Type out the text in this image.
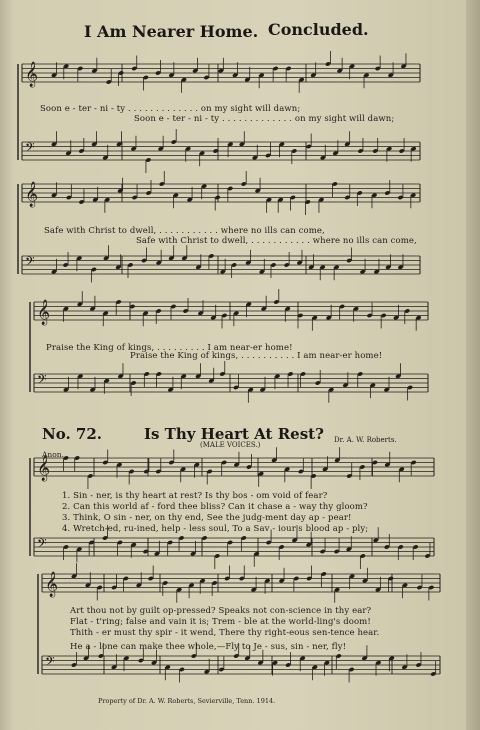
I Am Nearer Home. Concluded.
𝄞
𝄢
𝄞
𝄢
𝄞
𝄢
𝄞
𝄢
𝄞
𝄢
Soon e - ter - ni - ty . . . . . . . . . . . . . on my sight will dawn;
Soon e - ter - ni - ty . . . . . . . . . . . . . on my sight will dawn;
Safe with Christ to dwell, . . . . . . . . . . . where no ills can come,
Safe with Christ to dwell, . . . . . . . . . . . where no ills can come,
Praise the King of kings, . . . . . . . . . I am near-er home!
Praise the King of kings, . . . . . . . . . . I am near-er home!
No. 72.	Is Thy Heart At Rest?
(MALE VOICES.)
Dr. A. W. Roberts.
Anon.
1. Sin - ner, is thy heart at rest? Is thy bos - om void of fear?
2. Can this world af - ford thee bliss? Can it chase a - way thy gloom?
3. Think, O sin - ner, on thy end, See the judg-ment day ap - pear!
4. Wretch-ed, ru-ined, help - less soul, To a Sav - iour's blood ap - ply;
Art thou not by guilt op-pressed? Speaks not con-science in thy ear?
Flat - t'ring; false and vain it is; Trem - ble at the world-ling's doom!
Thith - er must thy spir - it wend, There thy right-eous sen-tence hear.
He a - lone can make thee whole,—Fly to Je - sus, sin - ner, fly!
Property of Dr. A. W. Roberts, Sevierville, Tenn. 1914.
